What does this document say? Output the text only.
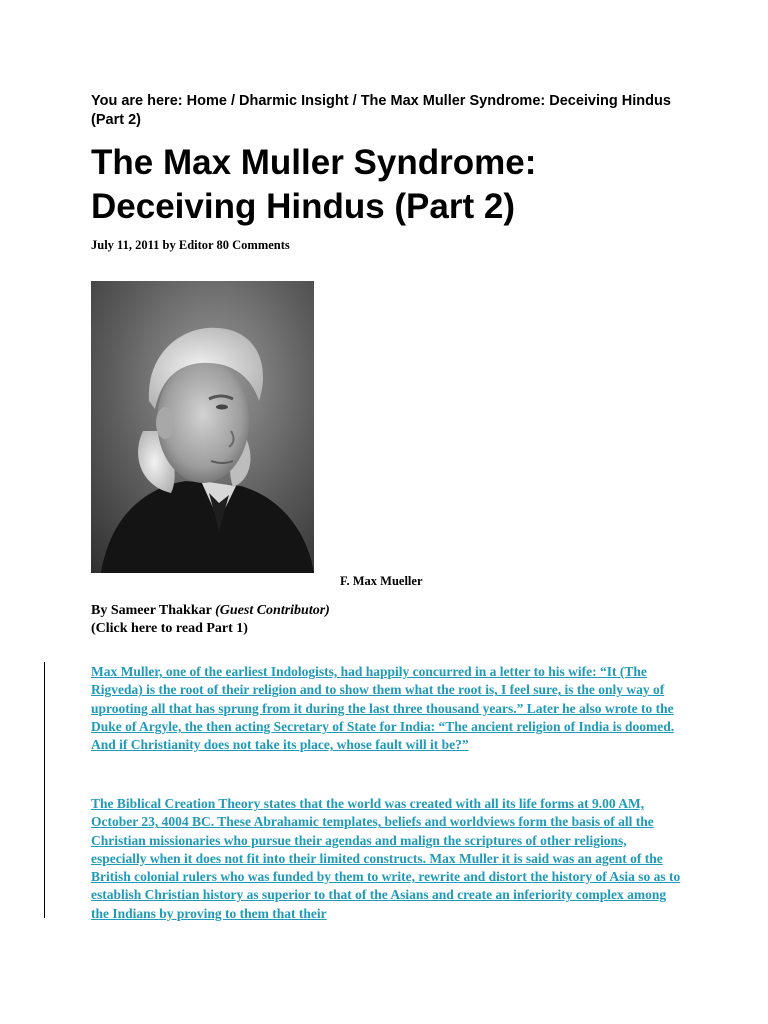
You are here: Home / Dharmic Insight / The Max Muller Syndrome: Deceiving Hindus (Part 2)
The Max Muller Syndrome:
Deceiving Hindus (Part 2)
July 11, 2011 by Editor 80 Comments
F. Max Mueller
By Sameer Thakkar (Guest Contributor)
(Click here to read Part 1)

Max Muller, one of the earliest Indologists, had happily concurred in a letter to his wife: “It (The Rigveda) is the root of their religion and to show them what the root is, I feel sure, is the only way of uprooting all that has sprung from it during the last three thousand years.” Later he also wrote to the Duke of Argyle, the then acting Secretary of State for India: “The ancient religion of India is doomed. And if Christianity does not take its place, whose fault will it be?”

The Biblical Creation Theory states that the world was created with all its life forms at 9.00 AM, October 23, 4004 BC. These Abrahamic templates, beliefs and worldviews form the basis of all the Christian missionaries who pursue their agendas and malign the scriptures of other religions, especially when it does not fit into their limited constructs. Max Muller it is said was an agent of the British colonial rulers who was funded by them to write, rewrite and distort the history of Asia so as to establish Christian history as superior to that of the Asians and create an inferiority complex among the Indians by proving to them that their
